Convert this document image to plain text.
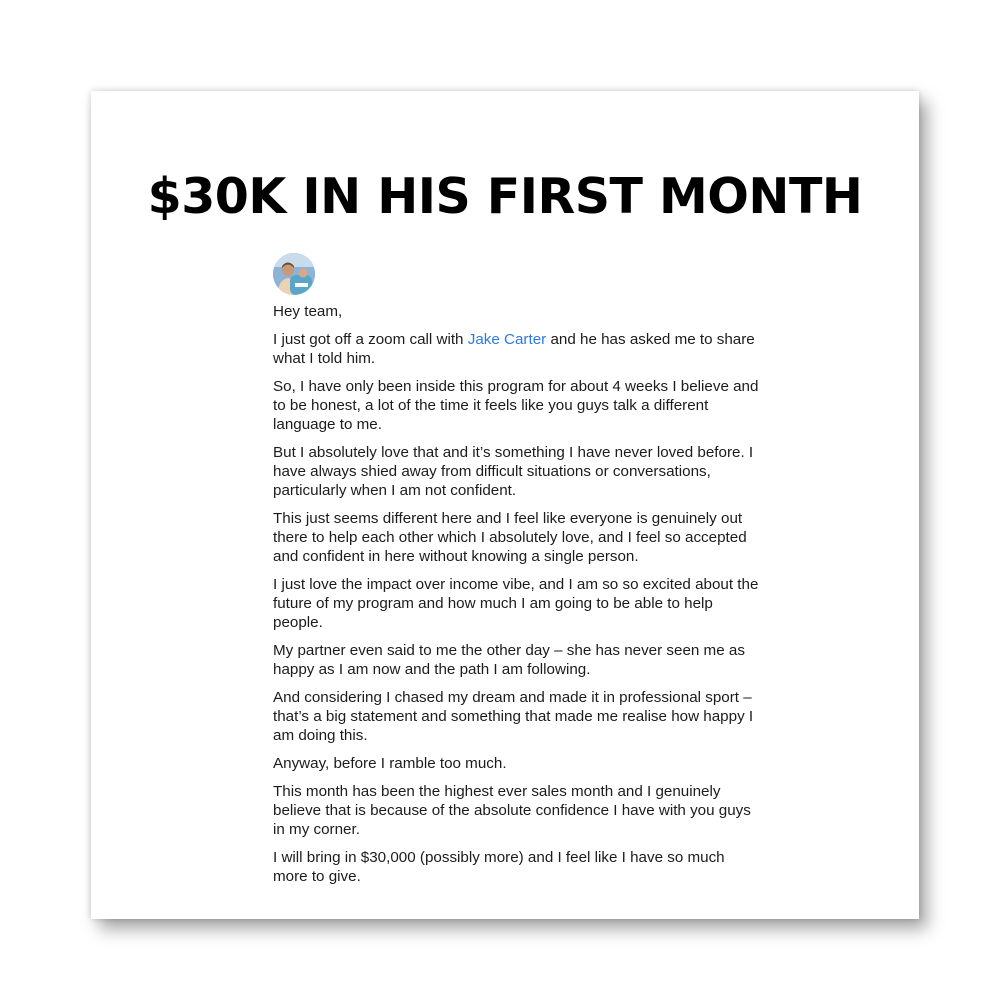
$30K IN HIS FIRST MONTH

Hey team,

I just got off a zoom call with Jake Carter and he has asked me to share what I told him.

So, I have only been inside this program for about 4 weeks I believe and to be honest, a lot of the time it feels like you guys talk a different language to me.

But I absolutely love that and it’s something I have never loved before. I have always shied away from difficult situations or conversations, particularly when I am not confident.

This just seems different here and I feel like everyone is genuinely out there to help each other which I absolutely love, and I feel so accepted and confident in here without knowing a single person.

I just love the impact over income vibe, and I am so so excited about the future of my program and how much I am going to be able to help people.

My partner even said to me the other day – she has never seen me as happy as I am now and the path I am following.

And considering I chased my dream and made it in professional sport – that’s a big statement and something that made me realise how happy I am doing this.

Anyway, before I ramble too much.

This month has been the highest ever sales month and I genuinely believe that is because of the absolute confidence I have with you guys in my corner.

I will bring in $30,000 (possibly more) and I feel like I have so much more to give.
